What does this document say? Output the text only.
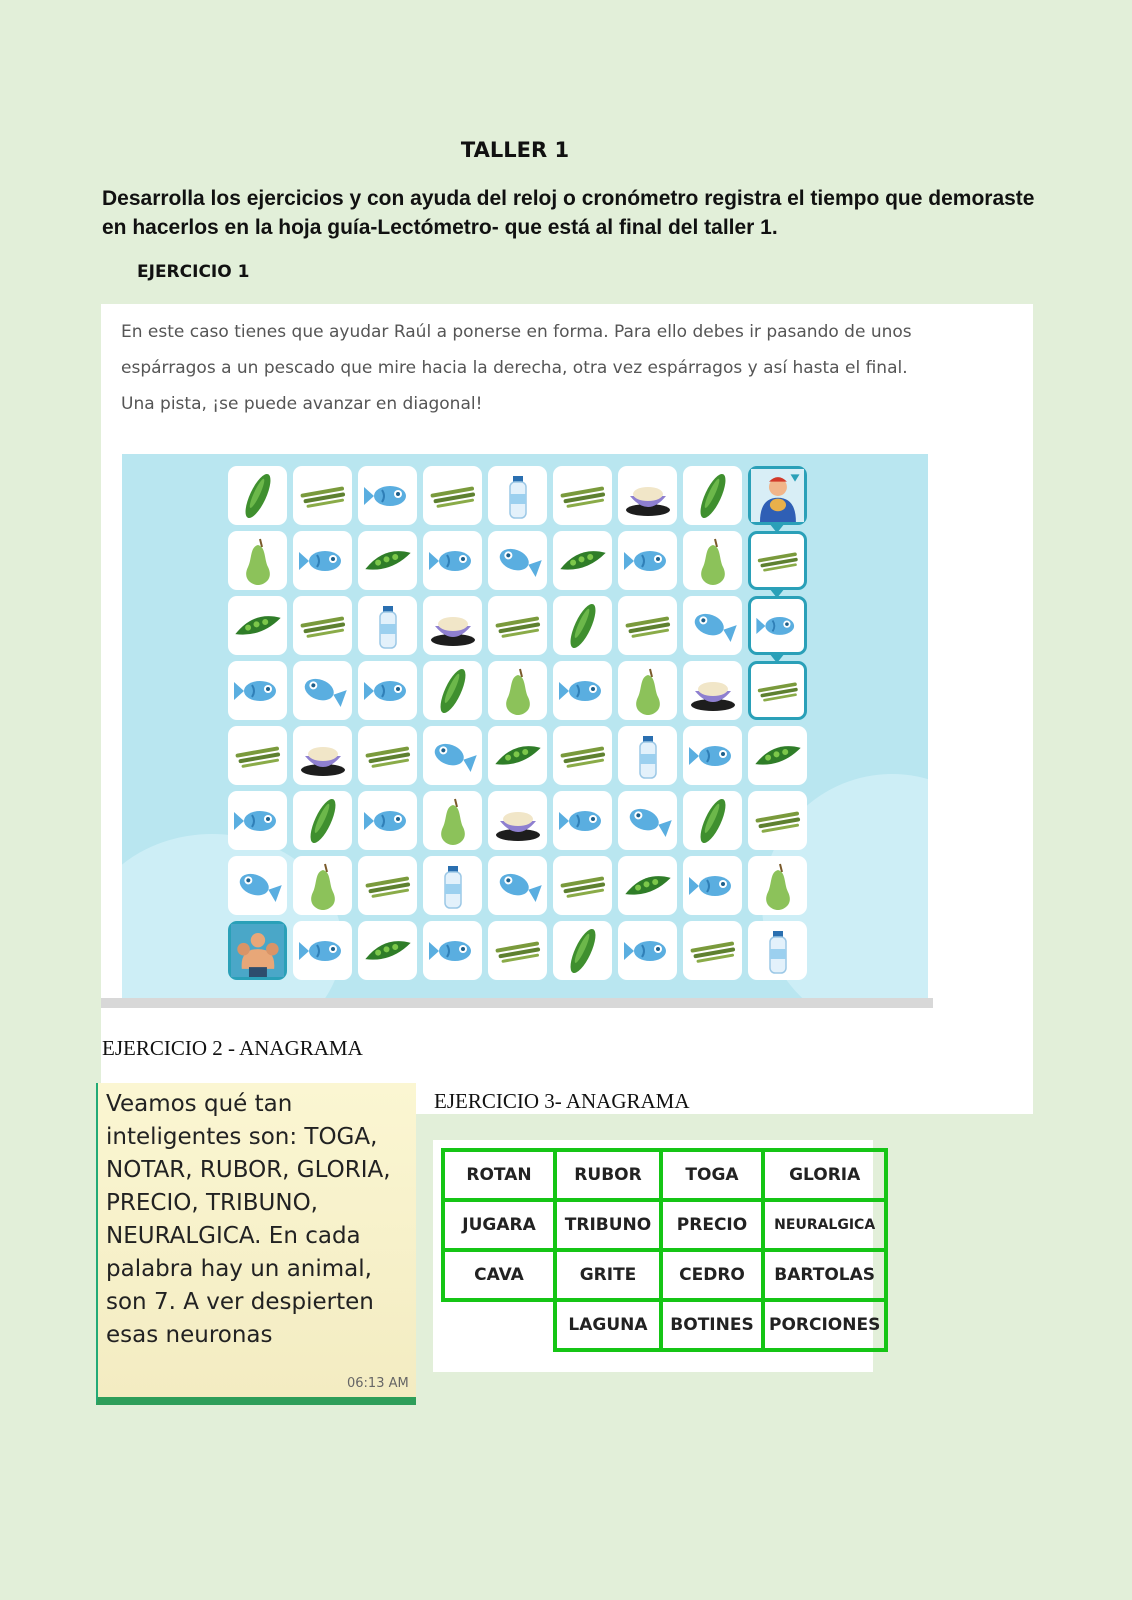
TALLER 1
Desarrolla los ejercicios y con ayuda del reloj o cronómetro registra el tiempo que demoraste en hacerlos en la hoja guía-Lectómetro- que está al final del taller 1.
EJERCICIO 1
En este caso tienes que ayudar Raúl a ponerse en forma. Para ello debes ir pasando de unos espárragos a un pescado que mire hacia la derecha, otra vez espárragos y así hasta el final. Una pista, ¡se puede avanzar en diagonal!
EJERCICIO 2 - ANAGRAMA
Veamos qué tan inteligentes son: TOGA, NOTAR, RUBOR, GLORIA, PRECIO, TRIBUNO, NEURALGICA. En cada palabra hay un animal, son 7. A ver despierten esas neuronas
06:13 AM
EJERCICIO 3- ANAGRAMA
ROTAN	RUBOR	TOGA	GLORIA
JUGARA	TRIBUNO	PRECIO	NEURALGICA
CAVA	GRITE	CEDRO	BARTOLAS
	LAGUNA	BOTINES	PORCIONES
